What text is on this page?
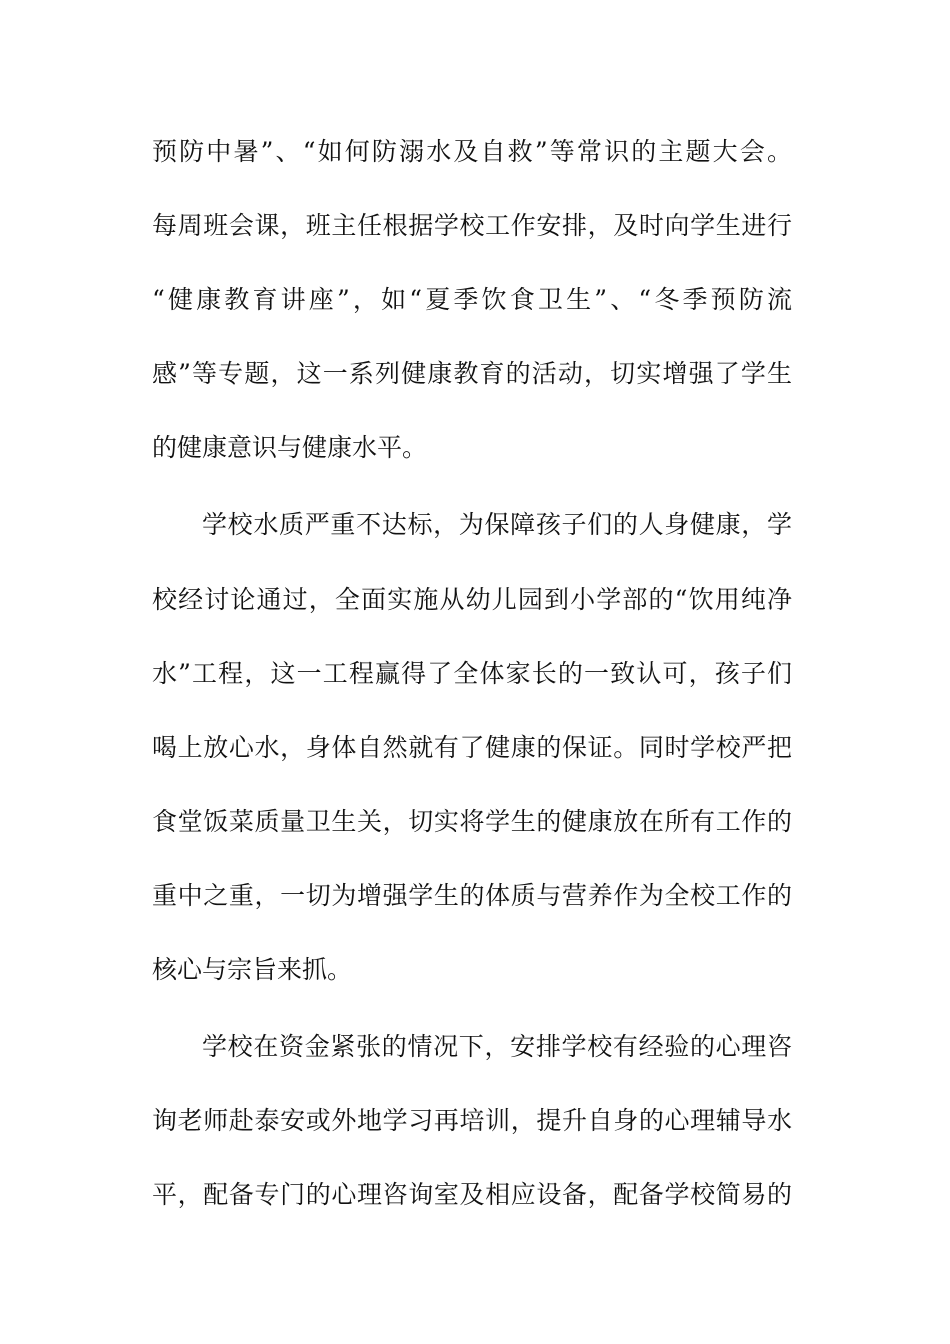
预防中暑”、“如何防溺水及自救”等常识的主题大会。
每周班会课，班主任根据学校工作安排，及时向学生进行
“健康教育讲座”，如“夏季饮食卫生”、“冬季预防流
感”等专题，这一系列健康教育的活动，切实增强了学生
的健康意识与健康水平。
学校水质严重不达标，为保障孩子们的人身健康，学
校经讨论通过，全面实施从幼儿园到小学部的“饮用纯净
水”工程，这一工程赢得了全体家长的一致认可，孩子们
喝上放心水，身体自然就有了健康的保证。同时学校严把
食堂饭菜质量卫生关，切实将学生的健康放在所有工作的
重中之重，一切为增强学生的体质与营养作为全校工作的
核心与宗旨来抓。
学校在资金紧张的情况下，安排学校有经验的心理咨
询老师赴泰安或外地学习再培训，提升自身的心理辅导水
平，配备专门的心理咨询室及相应设备，配备学校简易的
